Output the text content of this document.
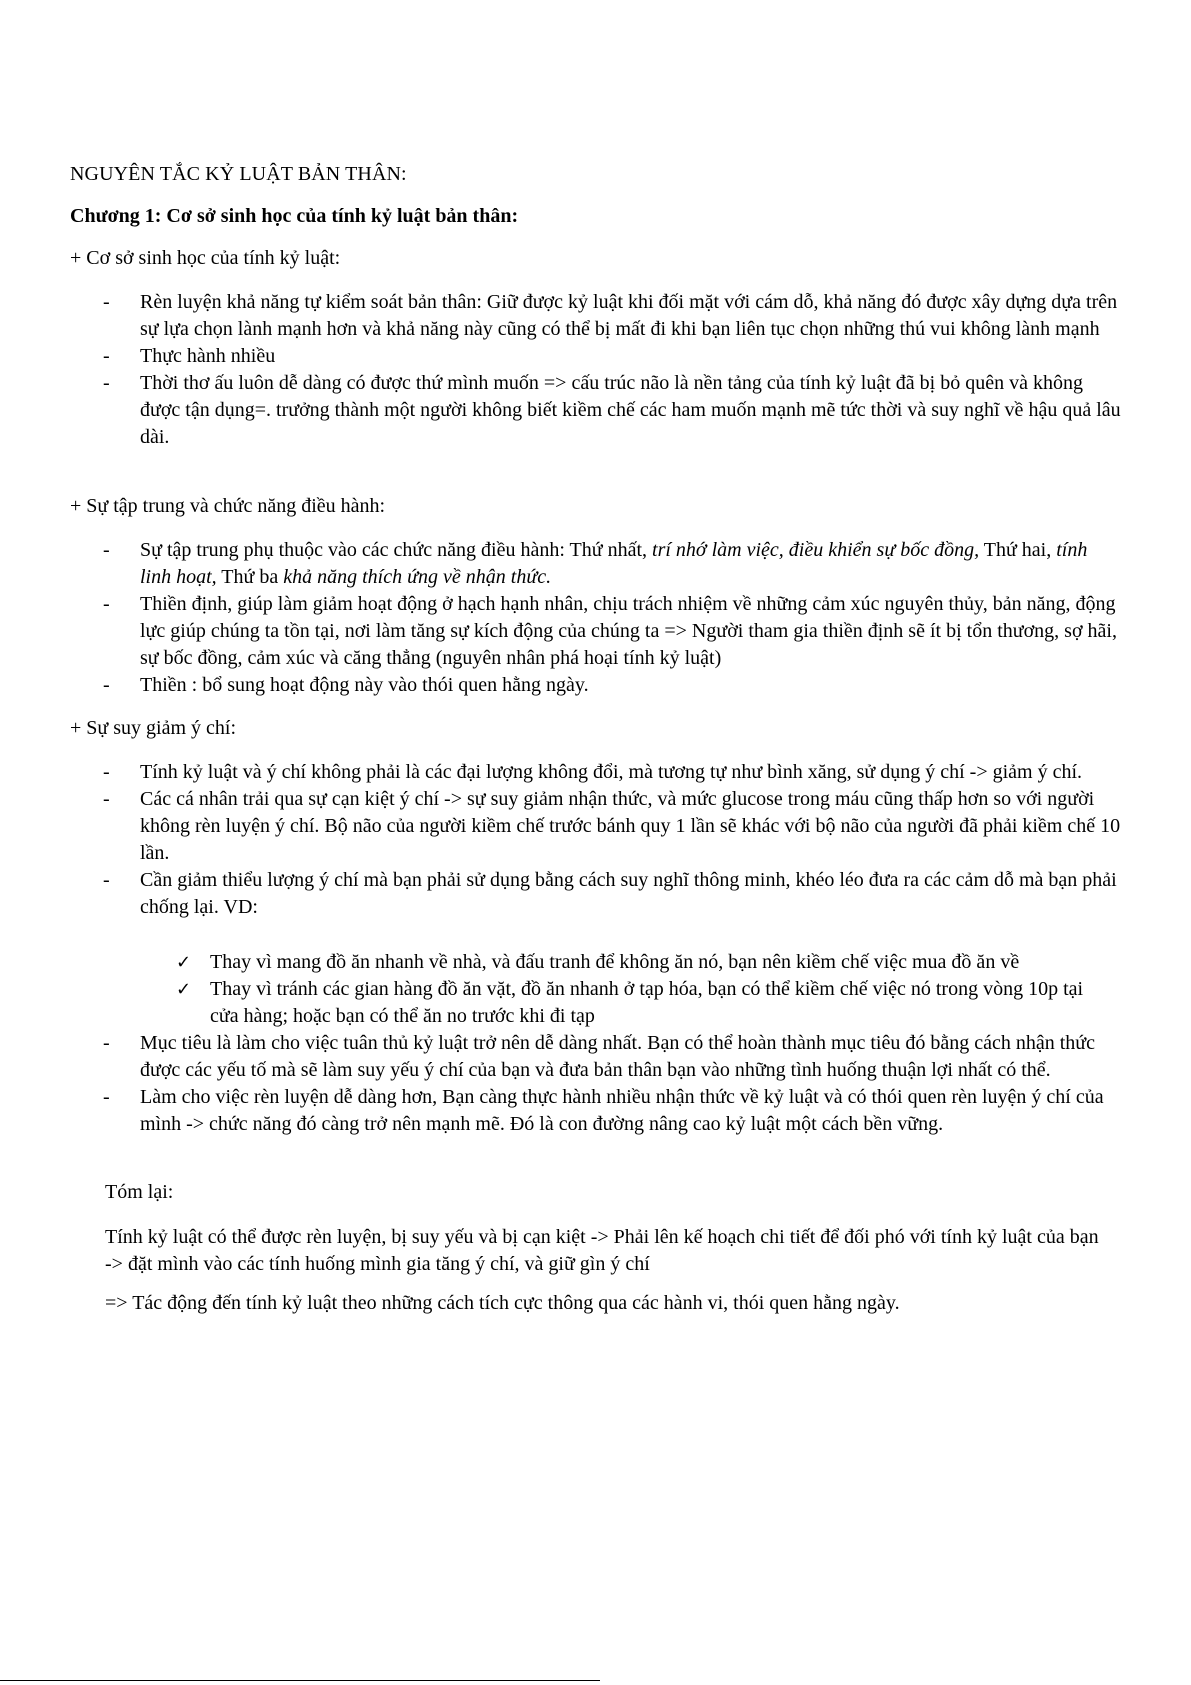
NGUYÊN TẮC KỶ LUẬT BẢN THÂN:
Chương 1: Cơ sở sinh học của tính kỷ luật bản thân:
+ Cơ sở sinh học của tính kỷ luật:
- Rèn luyện khả năng tự kiểm soát bản thân: Giữ được kỷ luật khi đối mặt với cám dỗ, khả năng đó được xây dựng dựa trên sự lựa chọn lành mạnh hơn và khả năng này cũng có thể bị mất đi khi bạn liên tục chọn những thú vui không lành mạnh
- Thực hành nhiều
- Thời thơ ấu luôn dễ dàng có được thứ mình muốn => cấu trúc não là nền tảng của tính kỷ luật đã bị bỏ quên và không được tận dụng=. trưởng thành một người không biết kiềm chế các ham muốn mạnh mẽ tức thời và suy nghĩ về hậu quả lâu dài.
+ Sự tập trung và chức năng điều hành:
- Sự tập trung phụ thuộc vào các chức năng điều hành: Thứ nhất, trí nhớ làm việc, điều khiển sự bốc đồng, Thứ hai, tính linh hoạt, Thứ ba khả năng thích ứng về nhận thức.
- Thiền định, giúp làm giảm hoạt động ở hạch hạnh nhân, chịu trách nhiệm về những cảm xúc nguyên thủy, bản năng, động lực giúp chúng ta tồn tại, nơi làm tăng sự kích động của chúng ta => Người tham gia thiền định sẽ ít bị tổn thương, sợ hãi, sự bốc đồng, cảm xúc và căng thẳng (nguyên nhân phá hoại tính kỷ luật)
- Thiền : bổ sung hoạt động này vào thói quen hằng ngày.
+ Sự suy giảm ý chí:
- Tính kỷ luật và ý chí không phải là các đại lượng không đổi, mà tương tự như bình xăng, sử dụng ý chí -> giảm ý chí.
- Các cá nhân trải qua sự cạn kiệt ý chí -> sự suy giảm nhận thức, và mức glucose trong máu cũng thấp hơn so với người không rèn luyện ý chí. Bộ não của người kiềm chế trước bánh quy 1 lần sẽ khác với bộ não của người đã phải kiềm chế 10 lần.
- Cần giảm thiểu lượng ý chí mà bạn phải sử dụng bằng cách suy nghĩ thông minh, khéo léo đưa ra các cảm dỗ mà bạn phải chống lại. VD:
✓ Thay vì mang đồ ăn nhanh về nhà, và đấu tranh để không ăn nó, bạn nên kiềm chế việc mua đồ ăn về
✓ Thay vì tránh các gian hàng đồ ăn vặt, đồ ăn nhanh ở tạp hóa, bạn có thể kiềm chế việc nó trong vòng 10p tại cửa hàng; hoặc bạn có thể ăn no trước khi đi tạp
- Mục tiêu là làm cho việc tuân thủ kỷ luật trở nên dễ dàng nhất. Bạn có thể hoàn thành mục tiêu đó bằng cách nhận thức được các yếu tố mà sẽ làm suy yếu ý chí của bạn và đưa bản thân bạn vào những tình huống thuận lợi nhất có thể.
- Làm cho việc rèn luyện dễ dàng hơn, Bạn càng thực hành nhiều nhận thức về kỷ luật và có thói quen rèn luyện ý chí của mình -> chức năng đó càng trở nên mạnh mẽ. Đó là con đường nâng cao kỷ luật một cách bền vững.
Tóm lại:
Tính kỷ luật có thể được rèn luyện, bị suy yếu và bị cạn kiệt -> Phải lên kế hoạch chi tiết để đối phó với tính kỷ luật của bạn -> đặt mình vào các tính huống mình gia tăng ý chí, và giữ gìn ý chí
=> Tác động đến tính kỷ luật theo những cách tích cực thông qua các hành vi, thói quen hằng ngày.
